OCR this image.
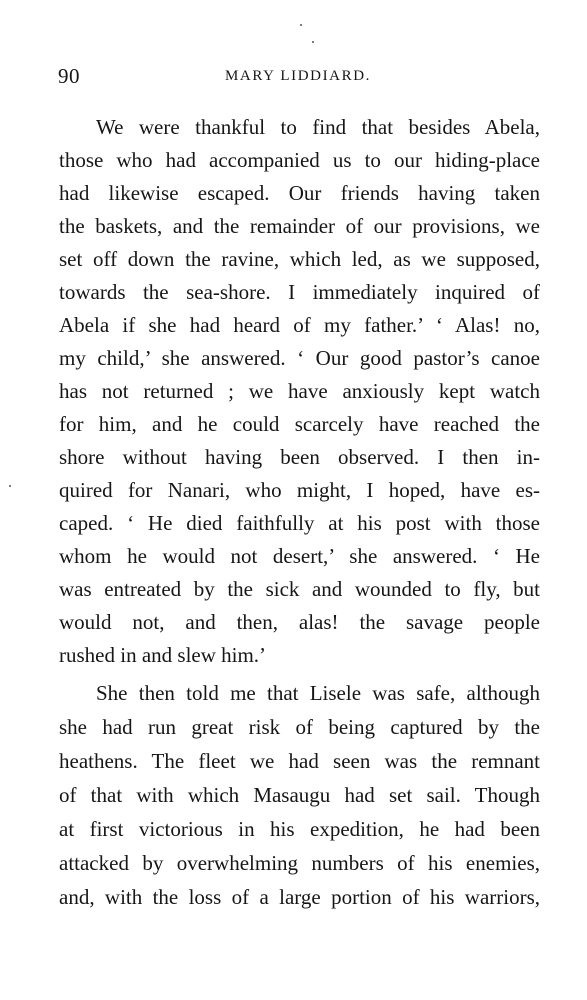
90	MARY LIDDIARD.
We were thankful to find that besides Abela,
those who had accompanied us to our hiding-place
had likewise escaped. Our friends having taken
the baskets, and the remainder of our provisions, we
set off down the ravine, which led, as we supposed,
towards the sea-shore. I immediately inquired of
Abela if she had heard of my father.’ ‘ Alas! no,
my child,’ she answered. ‘ Our good pastor’s canoe
has not returned ; we have anxiously kept watch
for him, and he could scarcely have reached the
shore without having been observed. I then in-
quired for Nanari, who might, I hoped, have es-
caped. ‘ He died faithfully at his post with those
whom he would not desert,’ she answered. ‘ He
was entreated by the sick and wounded to fly, but
would not, and then, alas! the savage people
rushed in and slew him.’
She then told me that Lisele was safe, although
she had run great risk of being captured by the
heathens. The fleet we had seen was the remnant
of that with which Masaugu had set sail. Though
at first victorious in his expedition, he had been
attacked by overwhelming numbers of his enemies,
and, with the loss of a large portion of his warriors,
